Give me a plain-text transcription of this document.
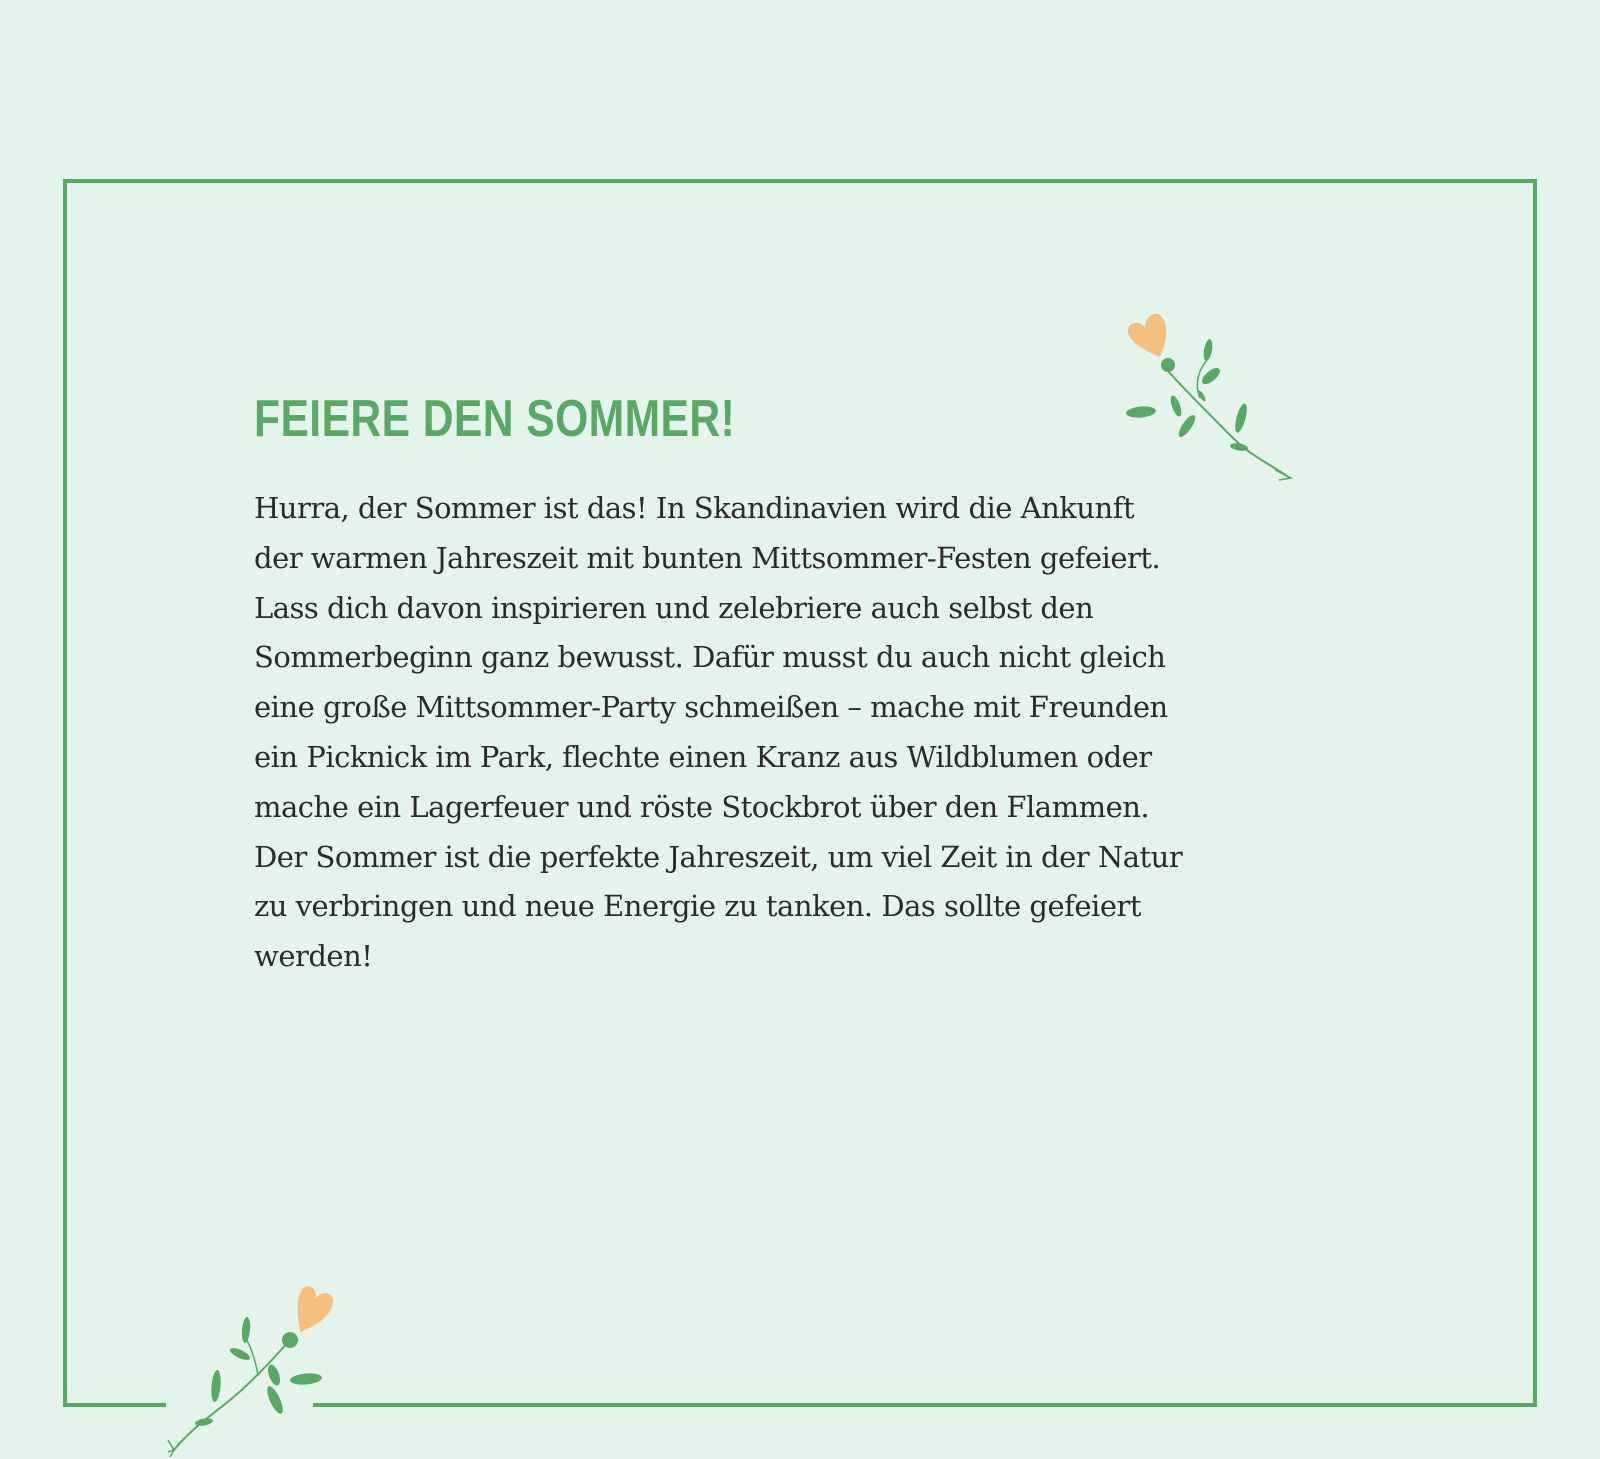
FEIERE DEN SOMMER!

Hurra, der Sommer ist das! In Skandinavien wird die Ankunft
der warmen Jahreszeit mit bunten Mittsommer-Festen gefeiert.
Lass dich davon inspirieren und zelebriere auch selbst den
Sommerbeginn ganz bewusst. Dafür musst du auch nicht gleich
eine große Mittsommer-Party schmeißen – mache mit Freunden
ein Picknick im Park, flechte einen Kranz aus Wildblumen oder
mache ein Lagerfeuer und röste Stockbrot über den Flammen.
Der Sommer ist die perfekte Jahreszeit, um viel Zeit in der Natur
zu verbringen und neue Energie zu tanken. Das sollte gefeiert
werden!
